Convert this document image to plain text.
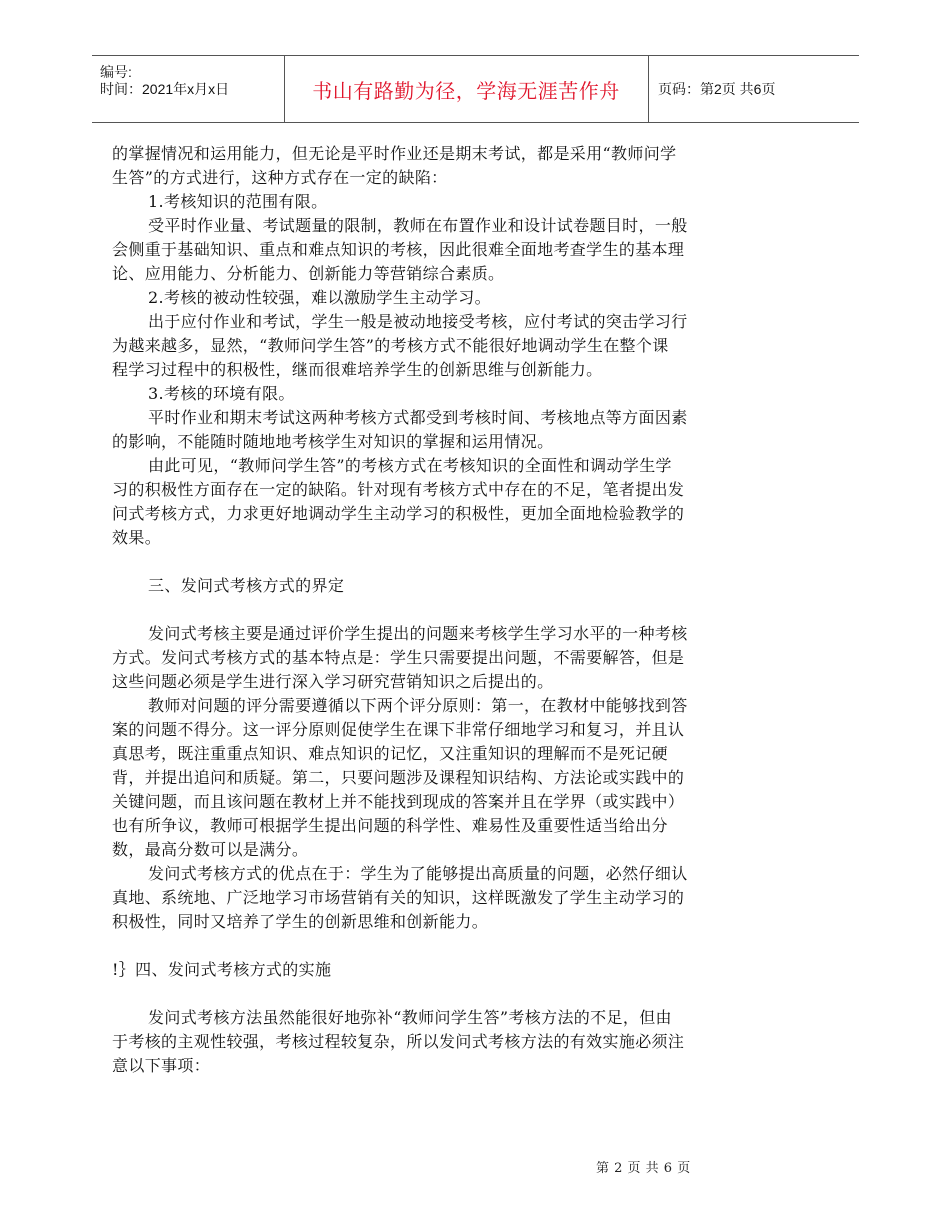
编号:
时间：2021年x月x日	书山有路勤为径，学海无涯苦作舟	页码：第2页 共6页
的掌握情况和运用能力，但无论是平时作业还是期末考试，都是采用“教师问学
生答”的方式进行，这种方式存在一定的缺陷：
1.考核知识的范围有限。
受平时作业量、考试题量的限制，教师在布置作业和设计试卷题目时，一般
会侧重于基础知识、重点和难点知识的考核，因此很难全面地考查学生的基本理
论、应用能力、分析能力、创新能力等营销综合素质。
2.考核的被动性较强，难以激励学生主动学习。
出于应付作业和考试，学生一般是被动地接受考核，应付考试的突击学习行
为越来越多，显然，“教师问学生答”的考核方式不能很好地调动学生在整个课
程学习过程中的积极性，继而很难培养学生的创新思维与创新能力。
3.考核的环境有限。
平时作业和期末考试这两种考核方式都受到考核时间、考核地点等方面因素
的影响，不能随时随地地考核学生对知识的掌握和运用情况。
由此可见，“教师问学生答”的考核方式在考核知识的全面性和调动学生学
习的积极性方面存在一定的缺陷。针对现有考核方式中存在的不足，笔者提出发
问式考核方式，力求更好地调动学生主动学习的积极性，更加全面地检验教学的
效果。
三、发问式考核方式的界定
发问式考核主要是通过评价学生提出的问题来考核学生学习水平的一种考核
方式。发问式考核方式的基本特点是：学生只需要提出问题，不需要解答，但是
这些问题必须是学生进行深入学习研究营销知识之后提出的。
教师对问题的评分需要遵循以下两个评分原则：第一，在教材中能够找到答
案的问题不得分。这一评分原则促使学生在课下非常仔细地学习和复习，并且认
真思考，既注重重点知识、难点知识的记忆，又注重知识的理解而不是死记硬
背，并提出追问和质疑。第二，只要问题涉及课程知识结构、方法论或实践中的
关键问题，而且该问题在教材上并不能找到现成的答案并且在学界（或实践中）
也有所争议，教师可根据学生提出问题的科学性、难易性及重要性适当给出分
数，最高分数可以是满分。
发问式考核方式的优点在于：学生为了能够提出高质量的问题，必然仔细认
真地、系统地、广泛地学习市场营销有关的知识，这样既激发了学生主动学习的
积极性，同时又培养了学生的创新思维和创新能力。
!｝四、发问式考核方式的实施
发问式考核方法虽然能很好地弥补“教师问学生答”考核方法的不足，但由
于考核的主观性较强，考核过程较复杂，所以发问式考核方法的有效实施必须注
意以下事项：
第 2 页 共 6 页
